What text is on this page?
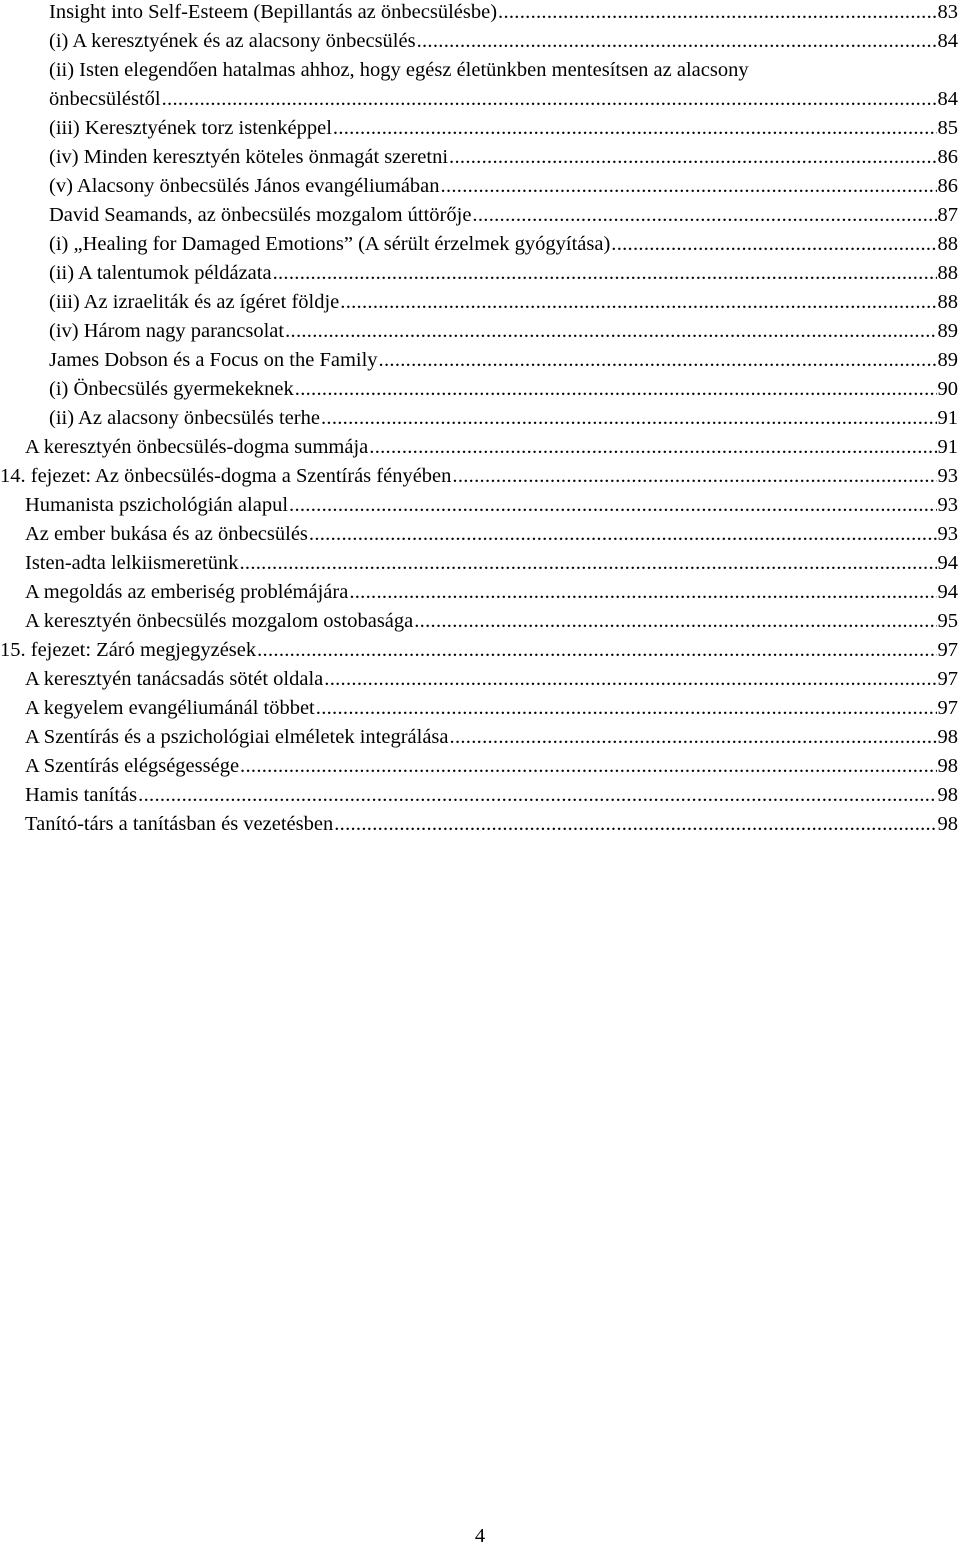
Insight into Self-Esteem (Bepillantás az önbecsülésbe) .....	83
(i) A keresztyének és az alacsony önbecsülés .....	84
(ii) Isten elegendően hatalmas ahhoz, hogy egész életünkben mentesítsen az alacsony
önbecsüléstől .....	84
(iii) Keresztyének torz istenképpel .....	85
(iv) Minden keresztyén köteles önmagát szeretni .....	86
(v) Alacsony önbecsülés János evangéliumában .....	86
David Seamands, az önbecsülés mozgalom úttörője .....	87
(i) „Healing for Damaged Emotions” (A sérült érzelmek gyógyítása) .....	88
(ii) A talentumok példázata .....	88
(iii) Az izraeliták és az ígéret földje .....	88
(iv) Három nagy parancsolat .....	89
James Dobson és a Focus on the Family .....	89
(i) Önbecsülés gyermekeknek .....	90
(ii) Az alacsony önbecsülés terhe .....	91
A keresztyén önbecsülés-dogma summája .....	91
14. fejezet: Az önbecsülés-dogma a Szentírás fényében .....	93
Humanista pszichológián alapul .....	93
Az ember bukása és az önbecsülés .....	93
Isten-adta lelkiismeretünk .....	94
A megoldás az emberiség problémájára .....	94
A keresztyén önbecsülés mozgalom ostobasága .....	95
15. fejezet: Záró megjegyzések .....	97
A keresztyén tanácsadás sötét oldala .....	97
A kegyelem evangéliumánál többet .....	97
A Szentírás és a pszichológiai elméletek integrálása .....	98
A Szentírás elégségessége .....	98
Hamis tanítás .....	98
Tanító-társ a tanításban és vezetésben .....	98
4
